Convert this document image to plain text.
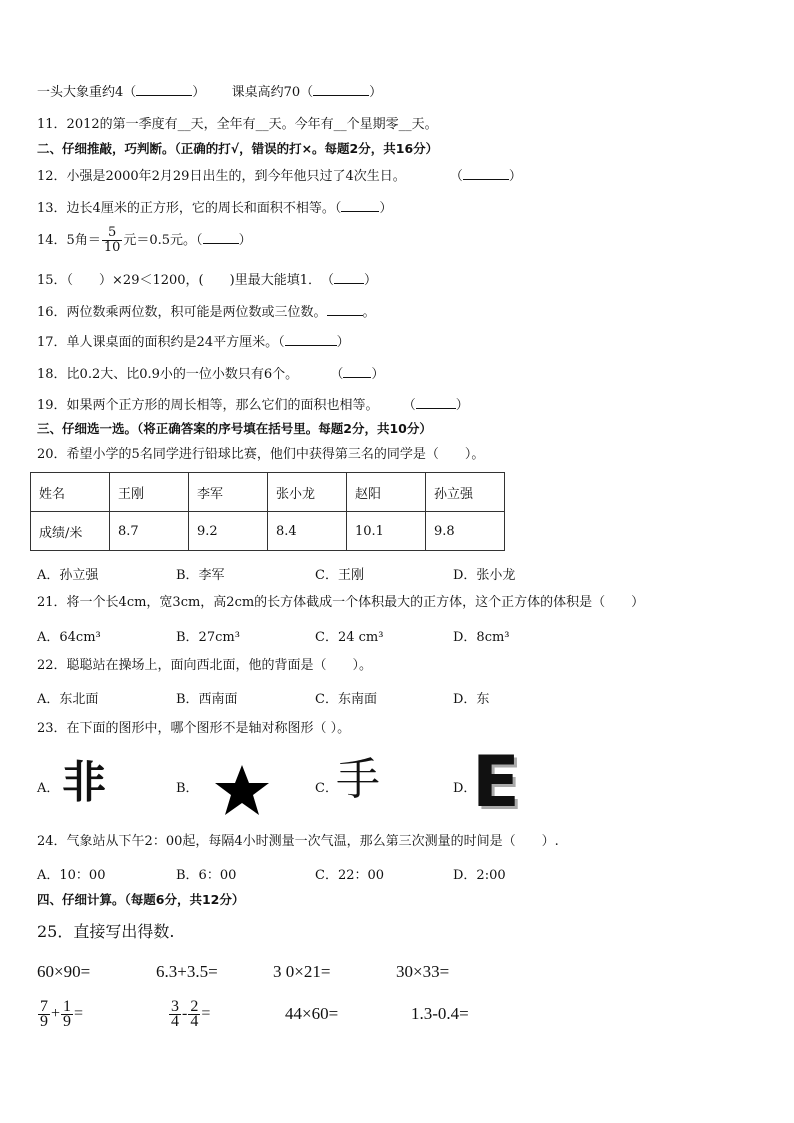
一头大象重约4（	） 课桌高约70（	）
11．2012的第一季度有__天，全年有__天。今年有__个星期零__天。
二、仔细推敲，巧判断。（正确的打√，错误的打×。每题2分，共16分）
12．小强是2000年2月29日出生的，到今年他只过了4次生日。	（	）
13．边长4厘米的正方形，它的周长和面积不相等。（	）
14．5角＝ $\frac{5}{10}$ 元＝0.5元。（	）
15．（　　）×29＜1200，(　　)里最大能填1．　（ ）
16．两位数乘两位数，积可能是两位数或三位数。	。
17．单人课桌面的面积约是24平方厘米。（	）
18．比0.2大、比0.9小的一位小数只有6个。 （ ）
19．如果两个正方形的周长相等，那么它们的面积也相等。 （	）
三、仔细选一选。（将正确答案的序号填在括号里。每题2分，共10分）
20．希望小学的5名同学进行铅球比赛，他们中获得第三名的同学是（　　）。
姓名	王刚	李军	张小龙	赵阳	孙立强
成绩/米	8.7	9.2	8.4	10.1	9.8
A．孙立强	B．李军	C．王刚	D．张小龙
21．将一个长4cm，宽3cm，高2cm的长方体截成一个体积最大的正方体，这个正方体的体积是（　　）
A．64cm³	B．27cm³	C．24 cm³	D．8cm³
22．聪聪站在操场上，面向西北面，他的背面是（　　）。
A．东北面	B．西南面	C．东南面	D．东
23．在下面的图形中，哪个图形不是轴对称图形（ ）。
A． 非	B．	C．
手	D．
E
24．气象站从下午2：00起，每隔4小时测量一次气温，那么第三次测量的时间是（　　）.
A．10：00	B．6：00	C．22：00	D．2:00
四、仔细计算。（每题6分，共12分）
25．直接写出得数.
60×90=	6.3+3.5=	3 0×21=	30×33=
$\frac{7}{9} + \frac{1}{9}$ =	$\frac{3}{4} - \frac{2}{4}$ =	44×60=	1.3-0.4=
